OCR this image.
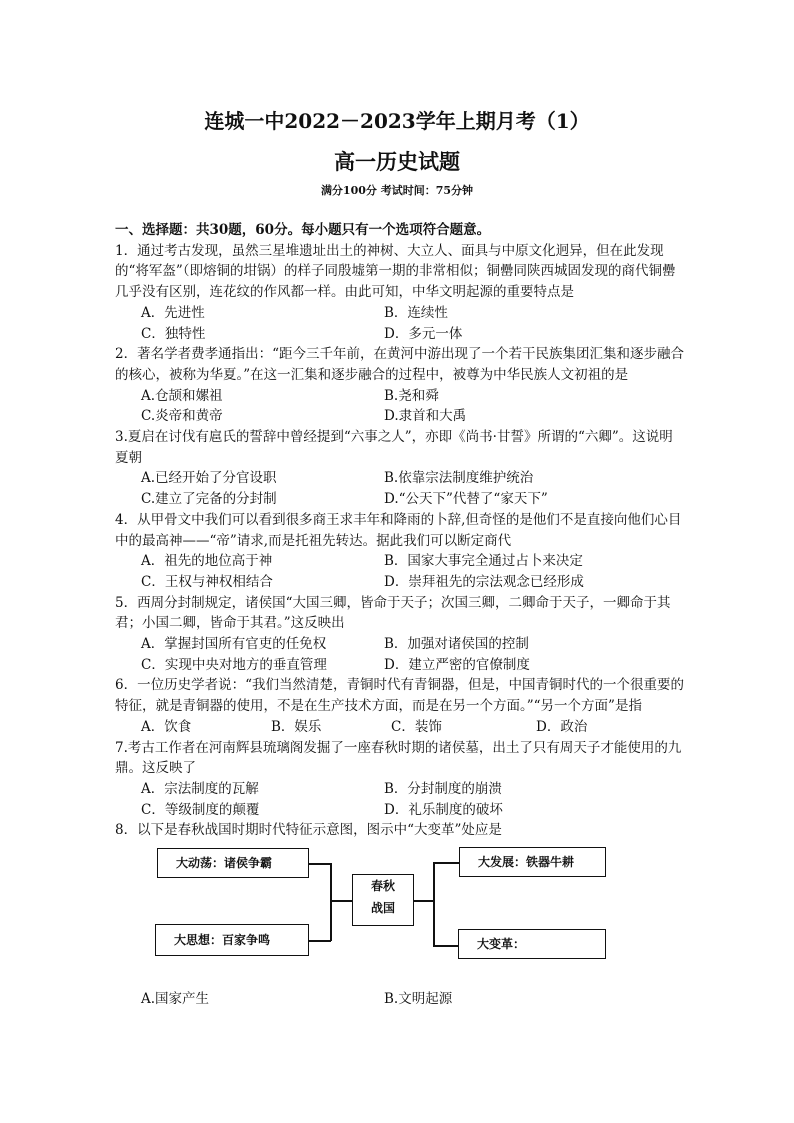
连城一中2022－2023学年上期月考（1）
高一历史试题
满分100分 考试时间：75分钟
一、选择题：共30题，60分。每小题只有一个选项符合题意。

1．通过考古发现，虽然三星堆遗址出土的神树、大立人、面具与中原文化迥异，但在此发现的“将军盔”（即熔铜的坩锅）的样子同殷墟第一期的非常相似；铜罍同陕西城固发现的商代铜罍几乎没有区别，连花纹的作风都一样。由此可知，中华文明起源的重要特点是

A．先进性	B．连续性
C．独特性	D．多元一体

2．著名学者费孝通指出：“距今三千年前，在黄河中游出现了一个若干民族集团汇集和逐步融合的核心，被称为华夏。”在这一汇集和逐步融合的过程中，被尊为中华民族人文初祖的是

A.仓颉和嫘祖	B.尧和舜
C.炎帝和黄帝	D.隶首和大禹

3.夏启在讨伐有扈氏的誓辞中曾经提到“六事之人”，亦即《尚书·甘誓》所谓的“六卿”。这说明夏朝

A.已经开始了分官设职	B.依靠宗法制度维护统治
C.建立了完备的分封制	D.“公天下”代替了“家天下”

4．从甲骨文中我们可以看到很多商王求丰年和降雨的卜辞,但奇怪的是他们不是直接向他们心目中的最高神——“帝”请求,而是托祖先转达。据此我们可以断定商代

A．祖先的地位高于神	B．国家大事完全通过占卜来决定
C．王权与神权相结合	D．崇拜祖先的宗法观念已经形成

5．西周分封制规定，诸侯国“大国三卿，皆命于天子；次国三卿，二卿命于天子，一卿命于其君；小国二卿，皆命于其君。”这反映出

A．掌握封国所有官吏的任免权	B．加强对诸侯国的控制
C．实现中央对地方的垂直管理	D．建立严密的官僚制度

6．一位历史学者说：“我们当然清楚，青铜时代有青铜器，但是，中国青铜时代的一个很重要的特征，就是青铜器的使用，不是在生产技术方面，而是在另一个方面。”“另一个方面”是指

A．饮食	B．娱乐	C．装饰	D．政治

7.考古工作者在河南辉县琉璃阁发掘了一座春秋时期的诸侯墓，出土了只有周天子才能使用的九鼎。这反映了

A．宗法制度的瓦解	B．分封制度的崩溃
C．等级制度的颠覆	D．礼乐制度的破坏

8．以下是春秋战国时期时代特征示意图，图示中“大变革”处应是

大动荡：诸侯争霸
大思想：百家争鸣
春秋
战国
大发展：铁器牛耕
大变革：
A.国家产生	B.文明起源
